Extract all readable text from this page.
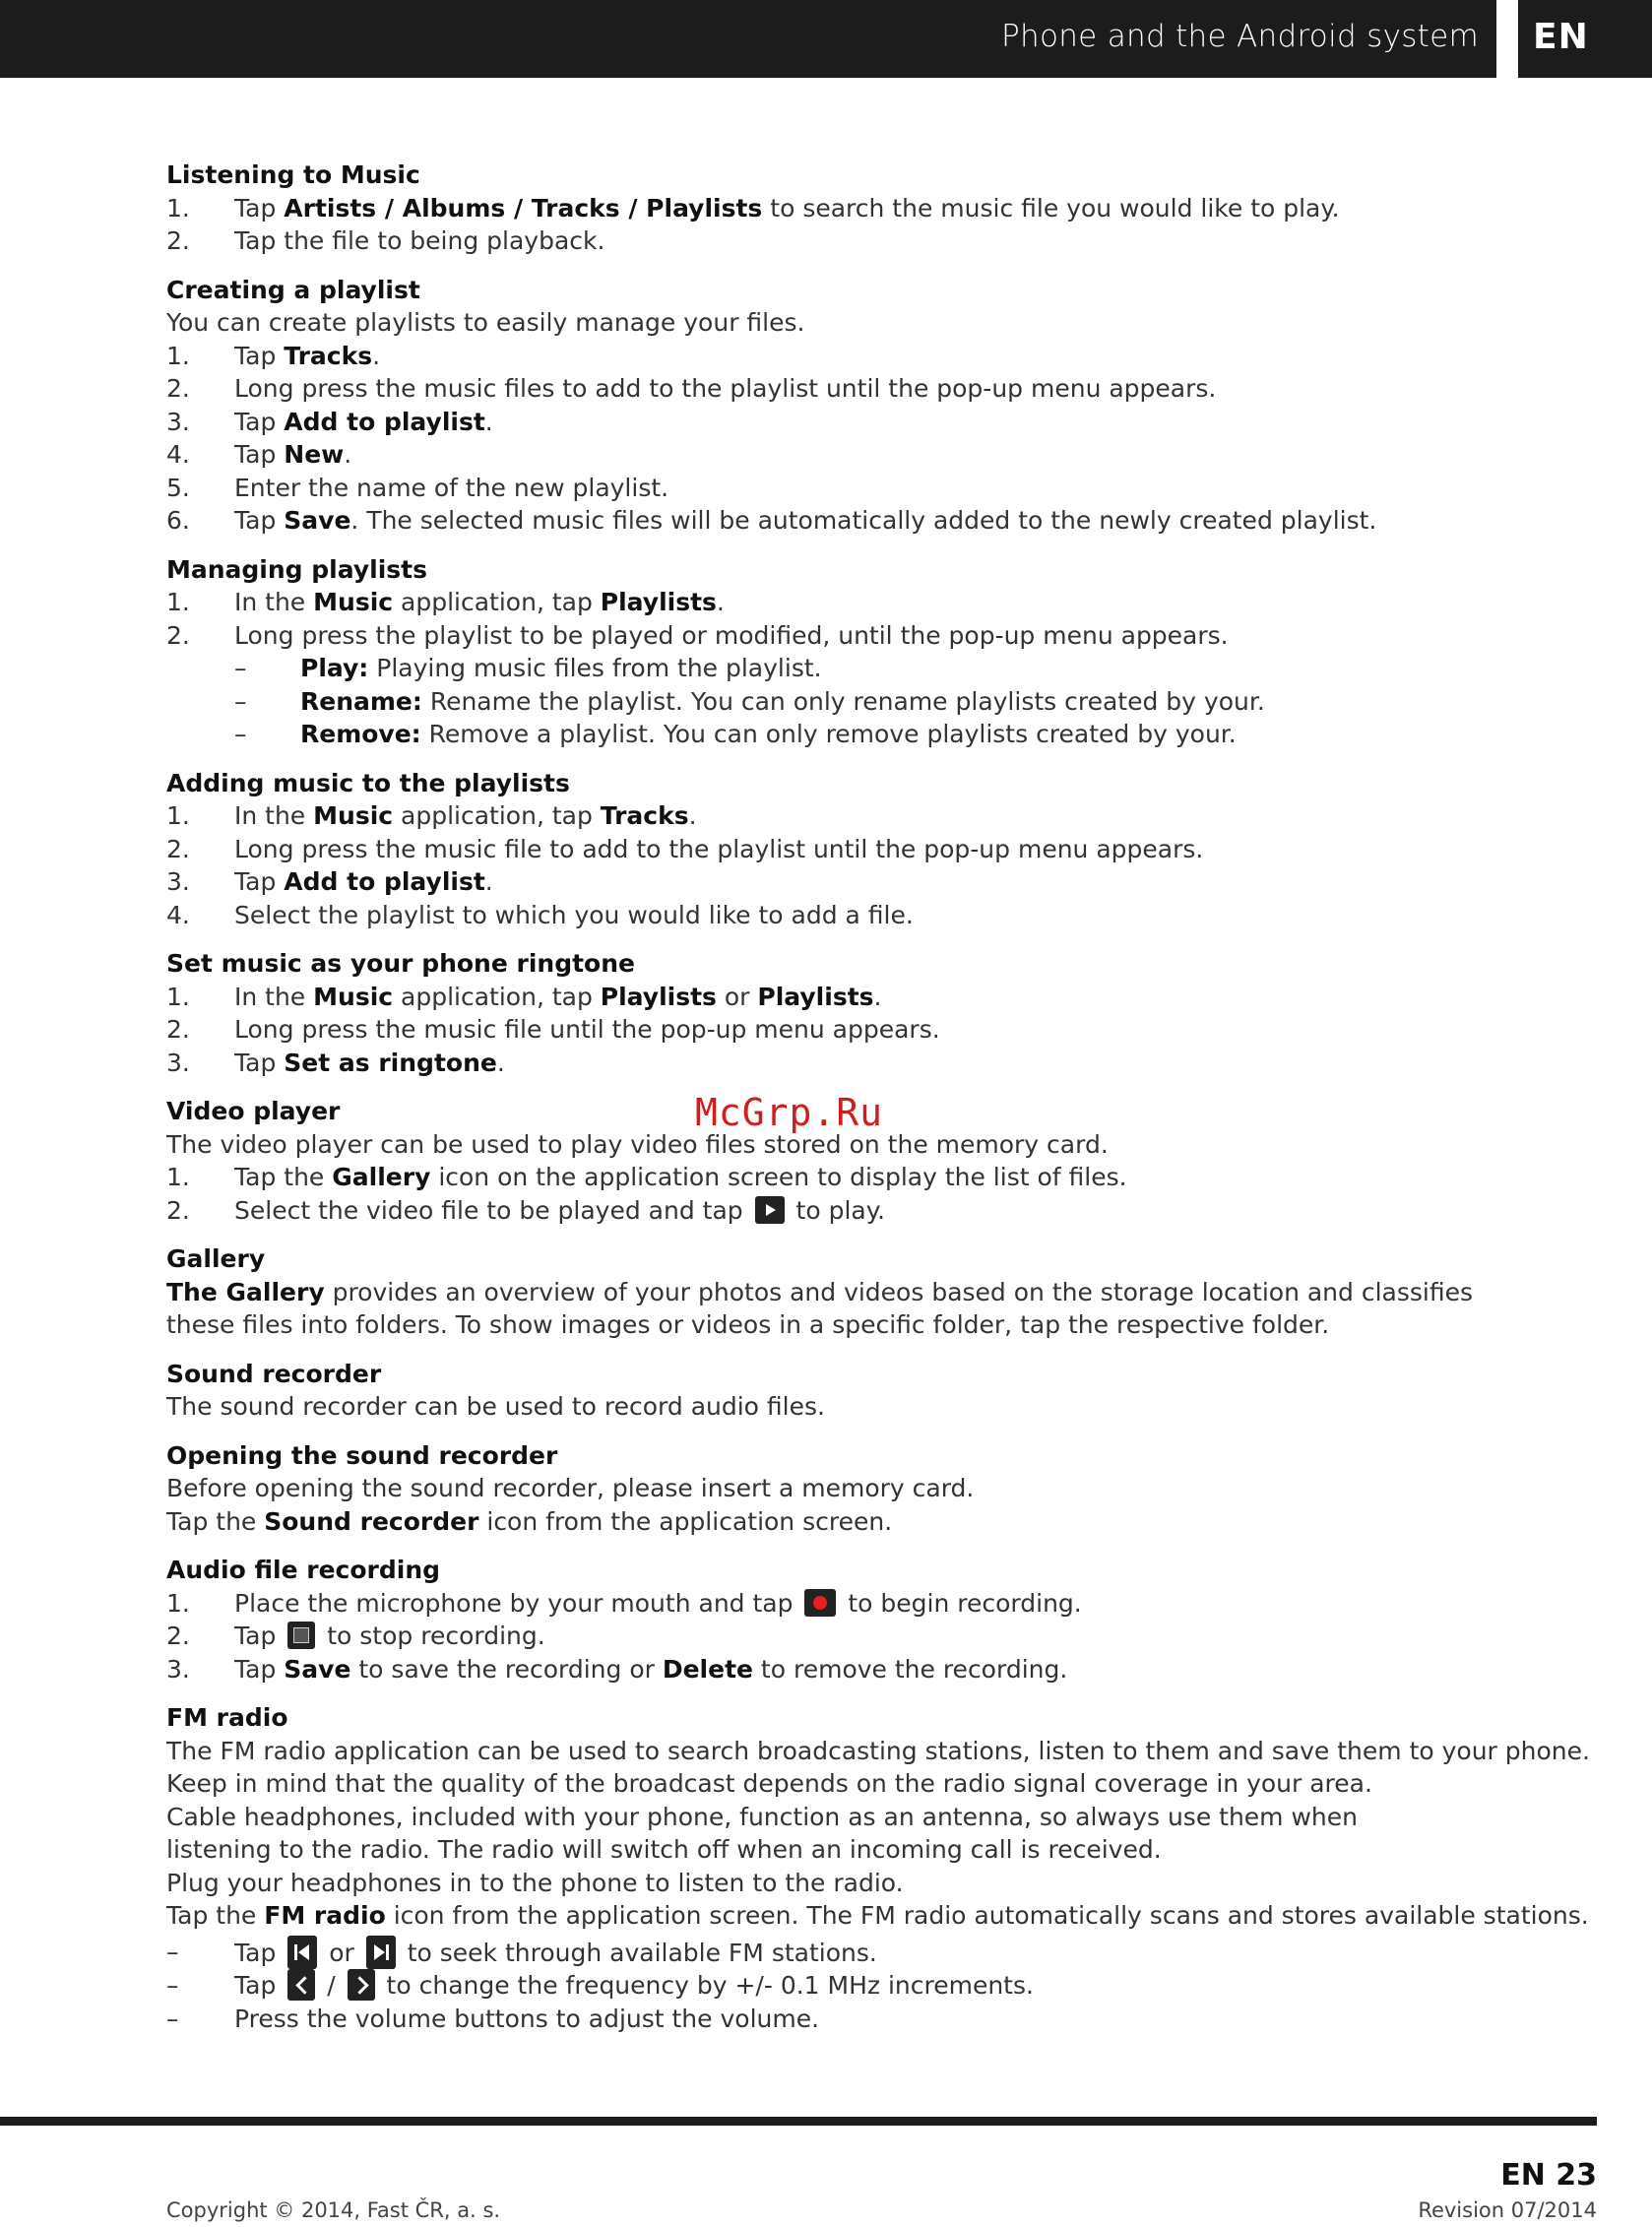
Phone and the Android system EN
McGrp.Ru
Listening to Music
1. Tap Artists / Albums / Tracks / Playlists to search the music file you would like to play.
2. Tap the file to being playback.
Creating a playlist
You can create playlists to easily manage your files.
1. Tap Tracks.
2. Long press the music files to add to the playlist until the pop-up menu appears.
3. Tap Add to playlist.
4. Tap New.
5. Enter the name of the new playlist.
6. Tap Save. The selected music files will be automatically added to the newly created playlist.
Managing playlists
1. In the Music application, tap Playlists.
2. Long press the playlist to be played or modified, until the pop-up menu appears.
– Play: Playing music files from the playlist.
– Rename: Rename the playlist. You can only rename playlists created by your.
– Remove: Remove a playlist. You can only remove playlists created by your.
Adding music to the playlists
1. In the Music application, tap Tracks.
2. Long press the music file to add to the playlist until the pop-up menu appears.
3. Tap Add to playlist.
4. Select the playlist to which you would like to add a file.
Set music as your phone ringtone
1. In the Music application, tap Playlists or Playlists.
2. Long press the music file until the pop-up menu appears.
3. Tap Set as ringtone.
Video player
The video player can be used to play video files stored on the memory card.
1. Tap the Gallery icon on the application screen to display the list of files.
2. Select the video file to be played and tap  to play.
Gallery
The Gallery provides an overview of your photos and videos based on the storage location and classifies these files into folders. To show images or videos in a specific folder, tap the respective folder.
Sound recorder
The sound recorder can be used to record audio files.
Opening the sound recorder
Before opening the sound recorder, please insert a memory card.
Tap the Sound recorder icon from the application screen.
Audio file recording
1. Place the microphone by your mouth and tap  to begin recording.
2. Tap  to stop recording.
3. Tap Save to save the recording or Delete to remove the recording.
FM radio
The FM radio application can be used to search broadcasting stations, listen to them and save them to your phone.
Keep in mind that the quality of the broadcast depends on the radio signal coverage in your area.
Cable headphones, included with your phone, function as an antenna, so always use them when listening to the radio. The radio will switch off when an incoming call is received.
Plug your headphones in to the phone to listen to the radio.
Tap the FM radio icon from the application screen. The FM radio automatically scans and stores available stations.
– Tap  or  to seek through available FM stations.
– Tap  /  to change the frequency by +/- 0.1 MHz increments.
– Press the volume buttons to adjust the volume.
EN 23
Copyright © 2014, Fast ČR, a. s.	Revision 07/2014
